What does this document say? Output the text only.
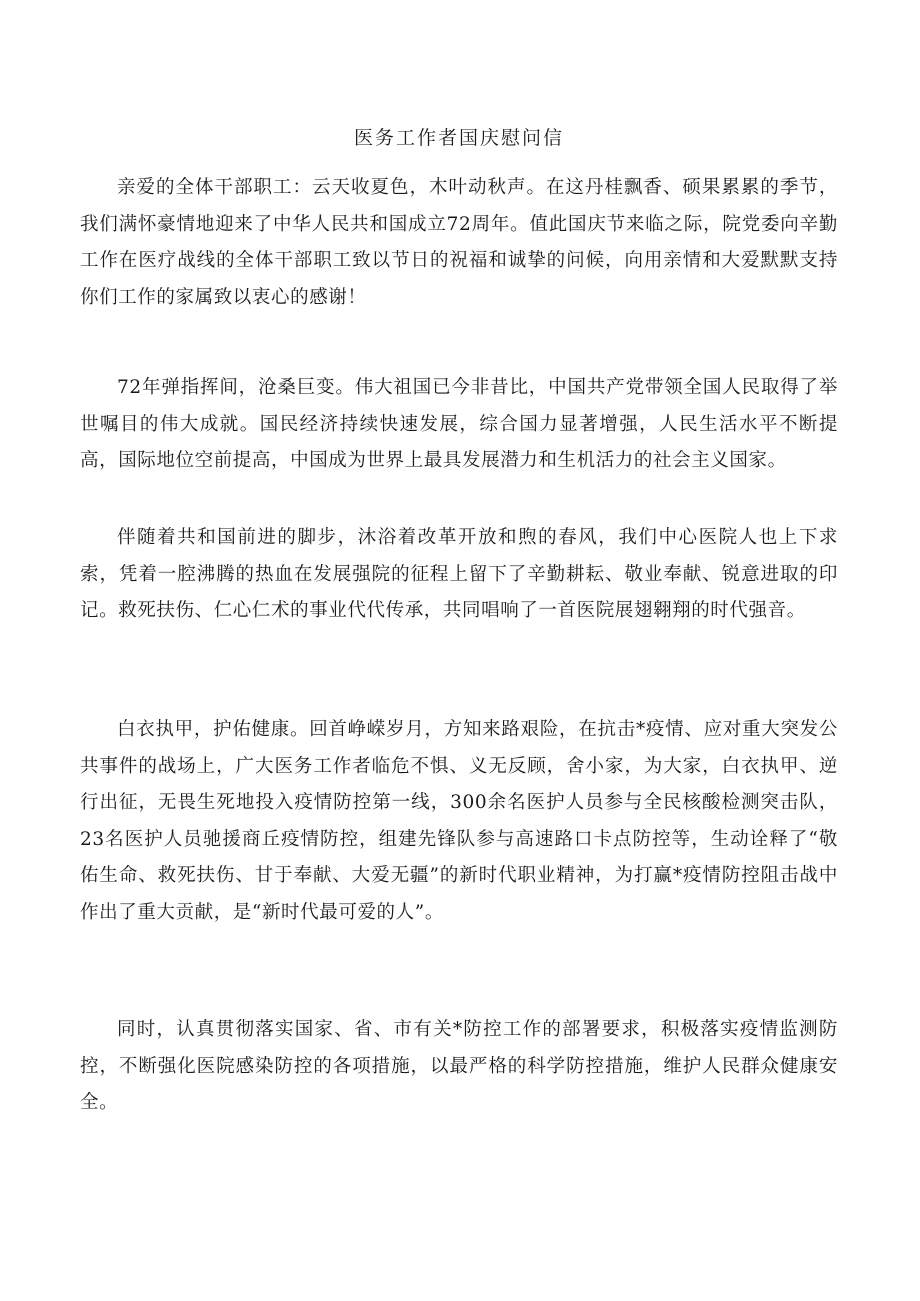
医务工作者国庆慰问信

亲爱的全体干部职工：云天收夏色，木叶动秋声。在这丹桂飘香、硕果累累的季节，我们满怀豪情地迎来了中华人民共和国成立72周年。值此国庆节来临之际，院党委向辛勤工作在医疗战线的全体干部职工致以节日的祝福和诚挚的问候，向用亲情和大爱默默支持你们工作的家属致以衷心的感谢！

72年弹指挥间，沧桑巨变。伟大祖国已今非昔比，中国共产党带领全国人民取得了举世嘱目的伟大成就。国民经济持续快速发展，综合国力显著增强，人民生活水平不断提高，国际地位空前提高，中国成为世界上最具发展潜力和生机活力的社会主义国家。

伴随着共和国前进的脚步，沐浴着改革开放和煦的春风，我们中心医院人也上下求索，凭着一腔沸腾的热血在发展强院的征程上留下了辛勤耕耘、敬业奉献、锐意进取的印记。救死扶伤、仁心仁术的事业代代传承，共同唱响了一首医院展翅翱翔的时代强音。

白衣执甲，护佑健康。回首峥嵘岁月，方知来路艰险，在抗击*疫情、应对重大突发公共事件的战场上，广大医务工作者临危不惧、义无反顾，舍小家，为大家，白衣执甲、逆行出征，无畏生死地投入疫情防控第一线，300余名医护人员参与全民核酸检测突击队，23名医护人员驰援商丘疫情防控，组建先锋队参与高速路口卡点防控等，生动诠释了“敬佑生命、救死扶伤、甘于奉献、大爱无疆”的新时代职业精神，为打赢*疫情防控阻击战中作出了重大贡献，是“新时代最可爱的人”。

同时，认真贯彻落实国家、省、市有关*防控工作的部署要求，积极落实疫情监测防控，不断强化医院感染防控的各项措施，以最严格的科学防控措施，维护人民群众健康安全。
